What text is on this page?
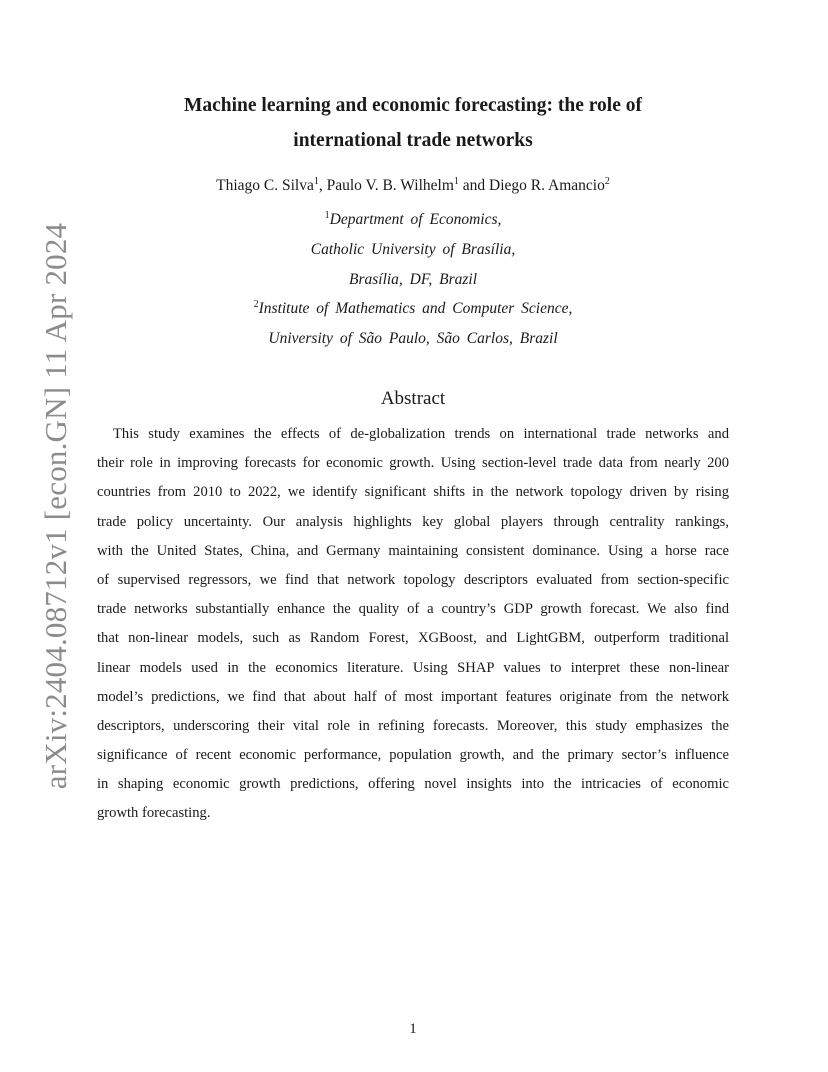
arXiv:2404.08712v1 [econ.GN] 11 Apr 2024
Machine learning and economic forecasting: the role of
international trade networks
Thiago C. Silva$^1$, Paulo V. B. Wilhelm$^1$ and Diego R. Amancio$^2$
$^1$Department of Economics,
Catholic University of Brasília,
Brasília, DF, Brazil
$^2$Institute of Mathematics and Computer Science,
University of São Paulo, São Carlos, Brazil
Abstract
This study examines the effects of de-globalization trends on international trade networks and
their role in improving forecasts for economic growth. Using section-level trade data from nearly 200
countries from 2010 to 2022, we identify significant shifts in the network topology driven by rising
trade policy uncertainty. Our analysis highlights key global players through centrality rankings,
with the United States, China, and Germany maintaining consistent dominance. Using a horse race
of supervised regressors, we find that network topology descriptors evaluated from section-specific
trade networks substantially enhance the quality of a country’s GDP growth forecast. We also find
that non-linear models, such as Random Forest, XGBoost, and LightGBM, outperform traditional
linear models used in the economics literature. Using SHAP values to interpret these non-linear
model’s predictions, we find that about half of most important features originate from the network
descriptors, underscoring their vital role in refining forecasts. Moreover, this study emphasizes the
significance of recent economic performance, population growth, and the primary sector’s influence
in shaping economic growth predictions, offering novel insights into the intricacies of economic
growth forecasting.
1
